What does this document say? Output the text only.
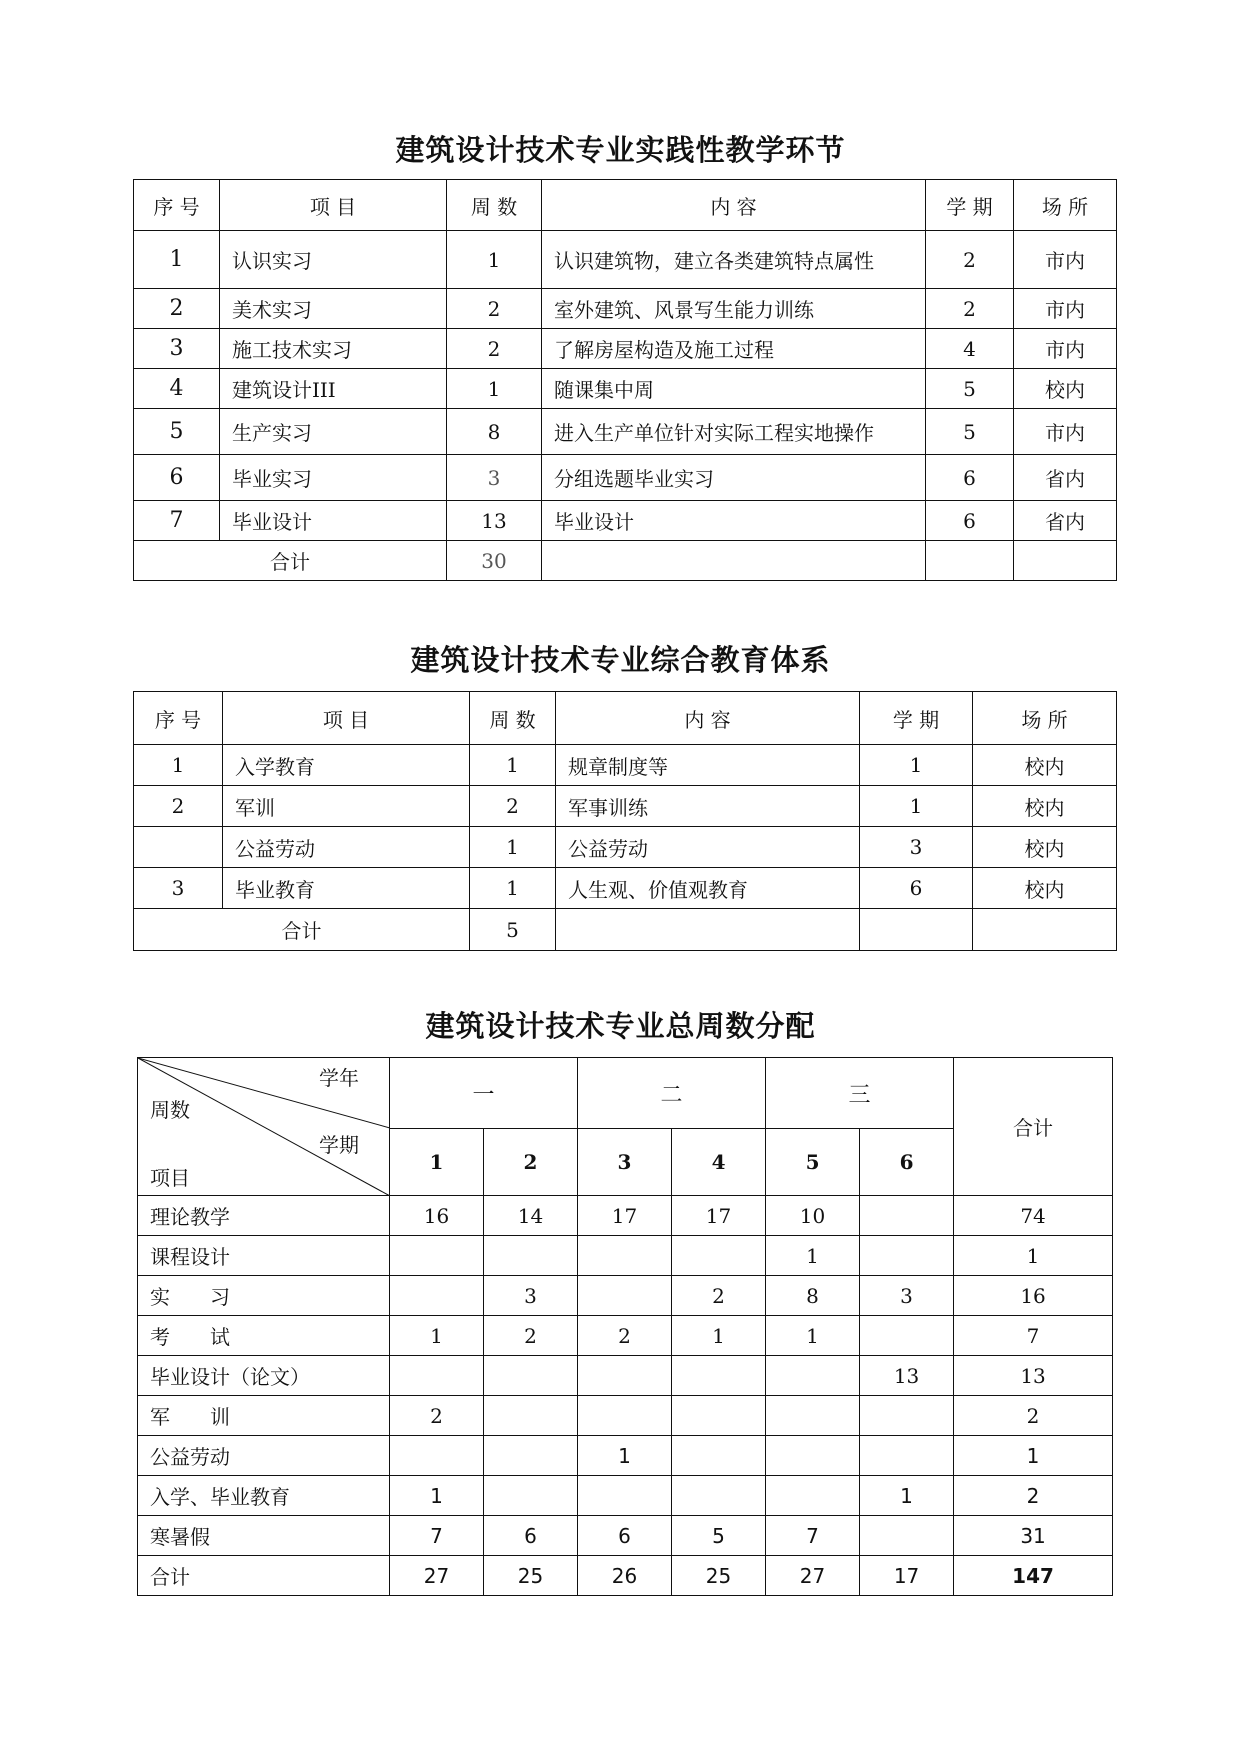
建筑设计技术专业实践性教学环节
序 号	项 目	周 数	内 容	学 期	场 所
1	认识实习	1	认识建筑物，建立各类建筑特点属性	2	市内
2	美术实习	2	室外建筑、风景写生能力训练	2	市内
3	施工技术实习	2	了解房屋构造及施工过程	4	市内
4	建筑设计III	1	随课集中周	5	校内
5	生产实习	8	进入生产单位针对实际工程实地操作	5	市内
6	毕业实习	3	分组选题毕业实习	6	省内
7	毕业设计	13	毕业设计	6	省内
合计		30			
建筑设计技术专业综合教育体系
序 号	项 目	周 数	内 容	学 期	场 所
1	入学教育	1	规章制度等	1	校内
2	军训	2	军事训练	1	校内
	公益劳动	1	公益劳动	3	校内
3	毕业教育	1	人生观、价值观教育	6	校内
合计		5			
建筑设计技术专业总周数分配
学年
周数
学期
项目	一		二		三		合计
	1	2	3	4	5	6	
理论教学	16	14	17	17	10		74
课程设计					1		1
实　　习		3		2	8	3	16
考　　试	1	2	2	1	1		7
毕业设计（论文）						13	13
军　　训	2						2
公益劳动			1				1
入学、毕业教育	1					1	2
寒暑假	7	6	6	5	7		31
合计	27	25	26	25	27	17	147
